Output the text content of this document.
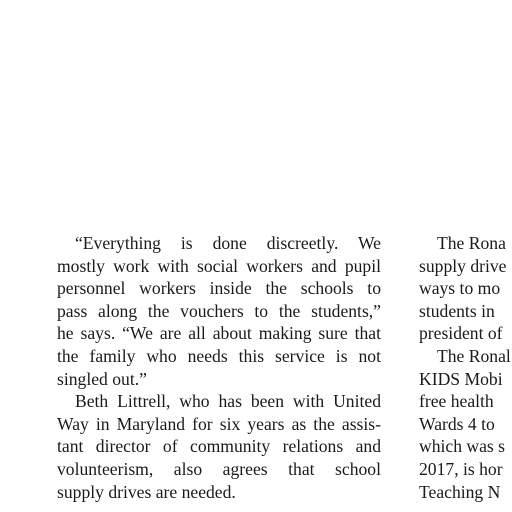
“Everything is done discreetly. We
mostly work with social workers and pupil
personnel workers inside the schools to
pass along the vouchers to the students,”
he says. “We are all about making sure that
the family who needs this service is not
singled out.”

Beth Littrell, who has been with United
Way in Maryland for six years as the assis-
tant director of community relations and
volunteerism, also agrees that school
supply drives are needed.

The Rona
supply drive
ways to mo
students in
president of
The Ronal
KIDS Mobi
free health
Wards 4 to
which was s
2017, is hor
Teaching N
